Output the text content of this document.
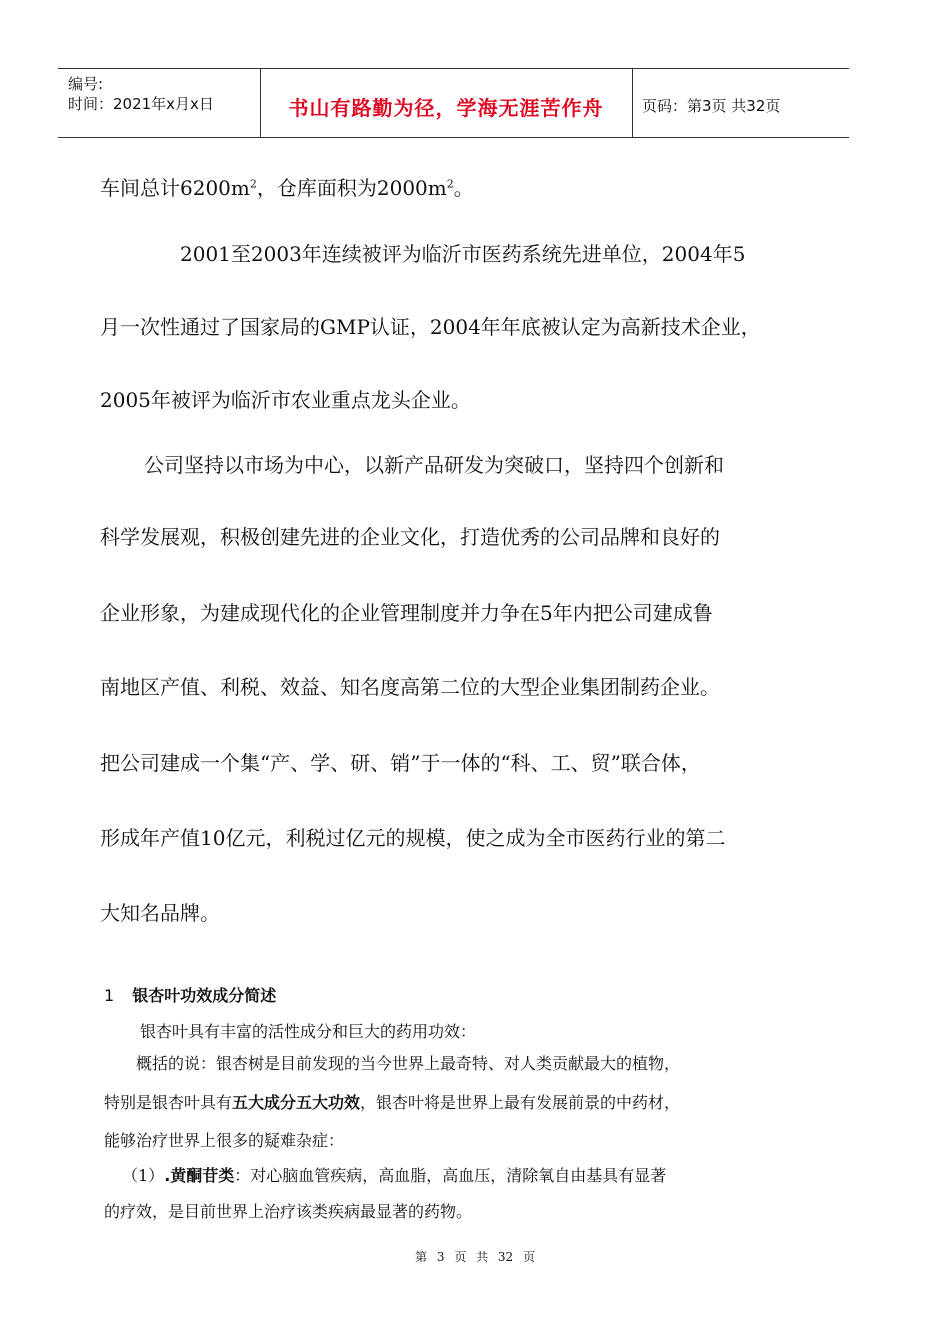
编号:
时间：2021年x月x日	书山有路勤为径，学海无涯苦作舟	页码：第3页 共32页
车间总计$6200m^2$，仓库面积为$2000m^2$。
2001至2003年连续被评为临沂市医药系统先进单位，2004年5
月一次性通过了国家局的GMP认证，2004年年底被认定为高新技术企业，
2005年被评为临沂市农业重点龙头企业。
公司坚持以市场为中心，以新产品研发为突破口，坚持四个创新和
科学发展观，积极创建先进的企业文化，打造优秀的公司品牌和良好的
企业形象，为建成现代化的企业管理制度并力争在5年内把公司建成鲁
南地区产值、利税、效益、知名度高第二位的大型企业集团制药企业。
把公司建成一个集“产、学、研、销”于一体的“科、工、贸”联合体，
形成年产值10亿元，利税过亿元的规模，使之成为全市医药行业的第二
大知名品牌。
1 银杏叶功效成分简述
银杏叶具有丰富的活性成分和巨大的药用功效：
概括的说：银杏树是目前发现的当今世界上最奇特、对人类贡献最大的植物，
特别是银杏叶具有五大成分五大功效，银杏叶将是世界上最有发展前景的中药材，
能够治疗世界上很多的疑难杂症：
（1）.黄酮苷类：对心脑血管疾病，高血脂，高血压，清除氧自由基具有显著
的疗效，是目前世界上治疗该类疾病最显著的药物。
第 3 页 共 32 页
